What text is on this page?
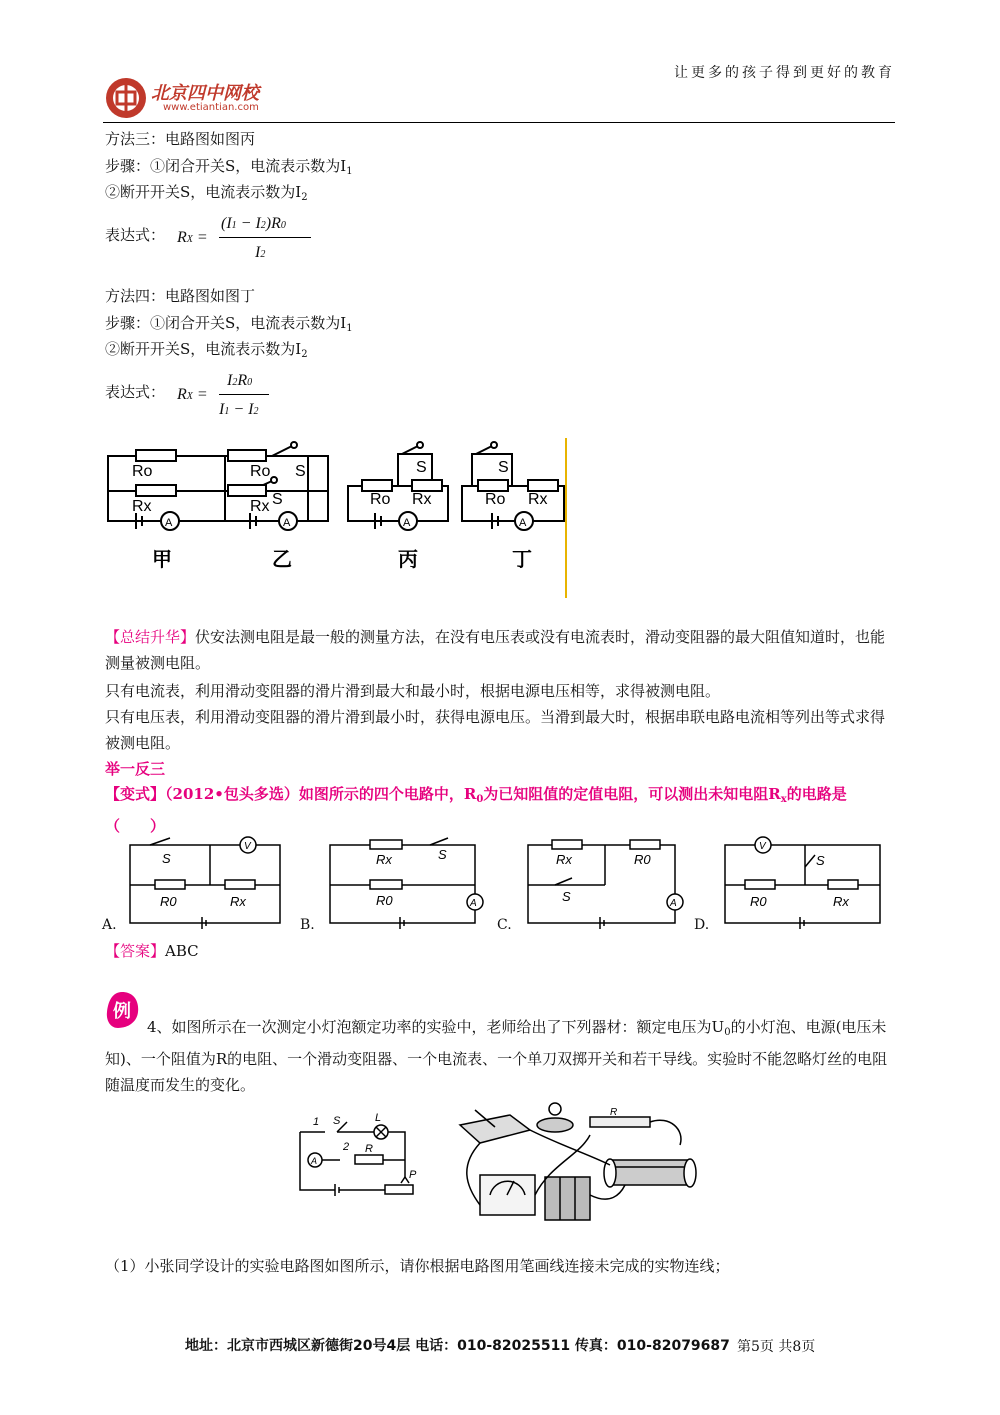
让更多的孩子得到更好的教育
北京四中网校
www.etiantian.com
方法三：电路图如图丙
步骤：①闭合开关S，电流表示数为$I_1$
②断开开关S，电流表示数为$I_2$
表达式： RX =
(I1 − I2)R0
I2
方法四：电路图如图丁
步骤：①闭合开关S，电流表示数为$I_1$
②断开开关S，电流表示数为$I_2$
表达式： RX =
I2R0
I1 − I2
Ro
Rx	S
A
Ro
Rx
S
A
Ro Rx
S
A
Ro Rx
S
A
甲	乙	丙	丁
【总结升华】伏安法测电阻是最一般的测量方法，在没有电压表或没有电流表时，滑动变阻器的最大阻值知道时，也能测量被测电阻。
只有电流表，利用滑动变阻器的滑片滑到最大和最小时，根据电源电压相等，求得被测电阻。
只有电压表，利用滑动变阻器的滑片滑到最小时，获得电源电压。当滑到最大时，根据串联电路电流相等列出等式求得被测电阻。
举一反三
【变式】（2012•包头多选）如图所示的四个电路中，$R_0$为已知阻值的定值电阻，可以测出未知电阻$R_x$的电路是（　　）
S
V
R0	Rx
Rx	S
R0	A
Rx	R0
S	A
V
S
R0	Rx
A.	B.	C.	D.
【答案】ABC
例
4、如图所示在一次测定小灯泡额定功率的实验中，老师给出了下列器材：额定电压为$U_0$的小灯泡、电源(电压未知)、一个阻值为R的电阻、一个滑动变阻器、一个电流表、一个单刀双掷开关和若干导线。实验时不能忽略灯丝的电阻随温度而发生的变化。
1 S	L
2
A
R
P
R
（1）小张同学设计的实验电路图如图所示，请你根据电路图用笔画线连接未完成的实物连线；
地址：北京市西城区新德街20号4层 电话：010-82025511 传真：010-82079687 第5页 共8页
